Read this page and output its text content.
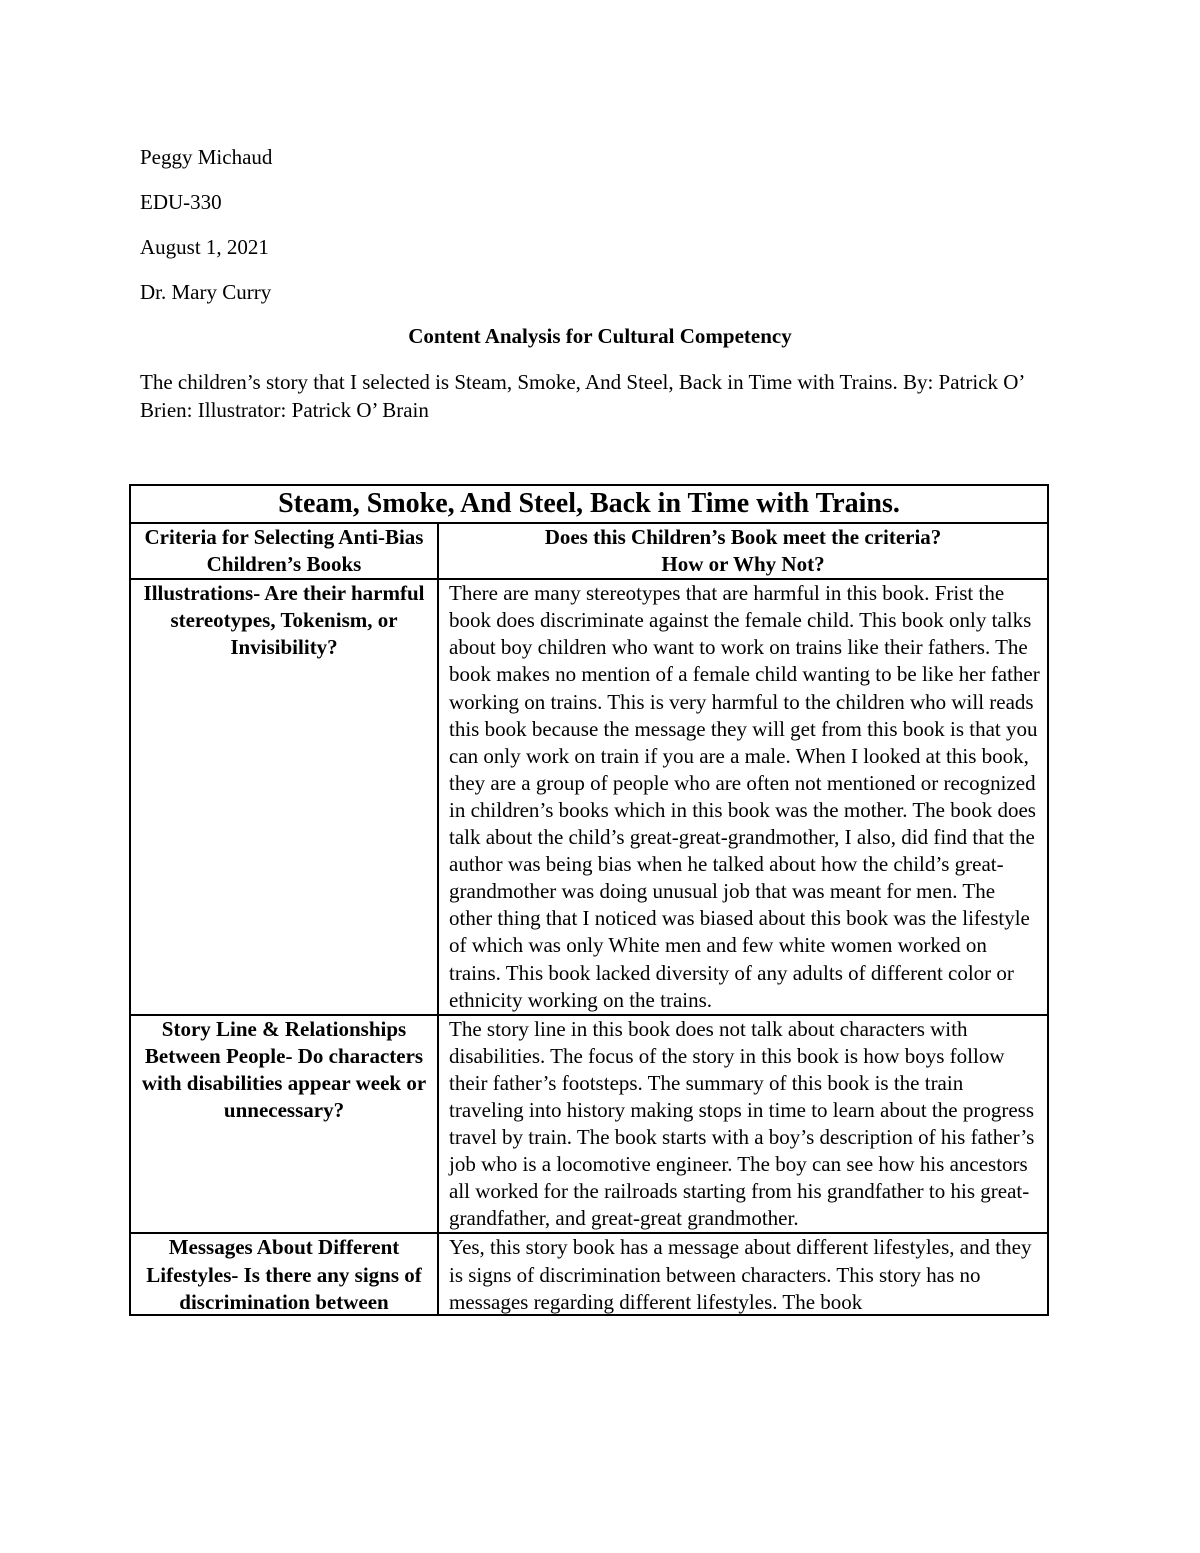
Peggy Michaud
EDU-330
August 1, 2021
Dr. Mary Curry
Content Analysis for Cultural Competency
The children’s story that I selected is Steam, Smoke, And Steel, Back in Time with Trains. By: Patrick O’ Brien: Illustrator: Patrick O’ Brain
Steam, Smoke, And Steel, Back in Time with Trains.	
Criteria for Selecting Anti-Bias Children’s Books	Does this Children’s Book meet the criteria?
How or Why Not?

Illustrations- Are their harmful stereotypes, Tokenism, or Invisibility?	There are many stereotypes that are harmful in this book. Frist the book does discriminate against the female child. This book only talks about boy children who want to work on trains like their fathers. The book makes no mention of a female child wanting to be like her father working on trains. This is very harmful to the children who will reads this book because the message they will get from this book is that you can only work on train if you are a male. When I looked at this book, they are a group of people who are often not mentioned or recognized in children’s books which in this book was the mother. The book does talk about the child’s great-great-grandmother, I also, did find that the author was being bias when he talked about how the child’s great-grandmother was doing unusual job that was meant for men. The other thing that I noticed was biased about this book was the lifestyle of which was only White men and few white women worked on trains. This book lacked diversity of any adults of different color or ethnicity working on the trains.
Story Line & Relationships Between People- Do characters with disabilities appear week or unnecessary?	The story line in this book does not talk about characters with disabilities. The focus of the story in this book is how boys follow their father’s footsteps. The summary of this book is the train traveling into history making stops in time to learn about the progress travel by train. The book starts with a boy’s description of his father’s job who is a locomotive engineer. The boy can see how his ancestors all worked for the railroads starting from his grandfather to his great-grandfather, and great-great grandmother.

Messages About Different Lifestyles- Is there any signs of discrimination between	Yes, this story book has a message about different lifestyles, and they is signs of discrimination between characters. This story has no messages regarding different lifestyles. The book
